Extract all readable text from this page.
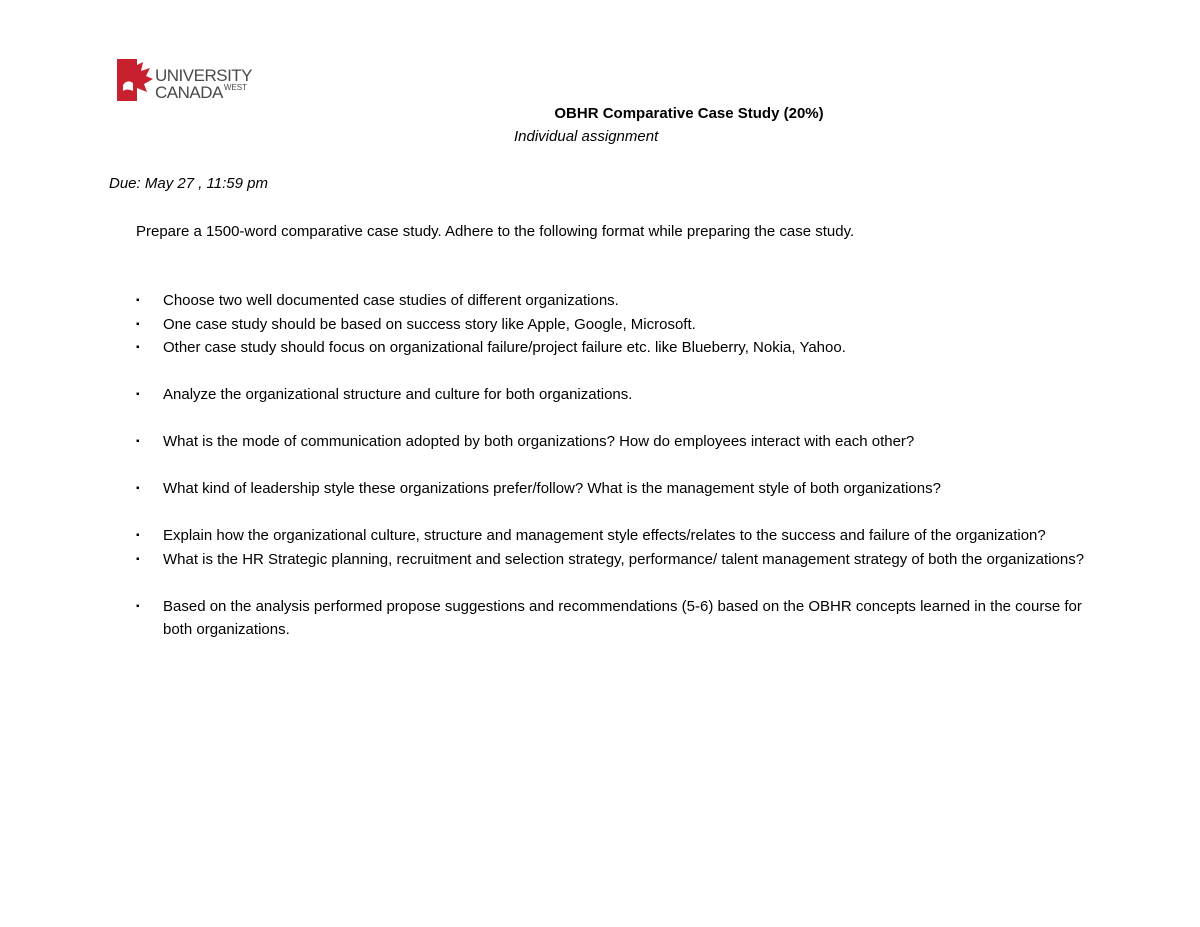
UNIVERSITY
$CANADA^{WEST}$
OBHR Comparative Case Study (20%)
Individual assignment
Due: May 27 , 11:59 pm
Prepare a 1500-word comparative case study. Adhere to the following format while preparing the case study.
▪ Choose two well documented case studies of different organizations.
▪ One case study should be based on success story like Apple, Google, Microsoft.
▪ Other case study should focus on organizational failure/project failure etc. like Blueberry, Nokia, Yahoo.
▪ Analyze the organizational structure and culture for both organizations.
▪ What is the mode of communication adopted by both organizations? How do employees interact with each other?
▪ What kind of leadership style these organizations prefer/follow? What is the management style of both organizations?
▪ Explain how the organizational culture, structure and management style effects/relates to the success and failure of the organization?
▪ What is the HR Strategic planning, recruitment and selection strategy, performance/ talent management strategy of both the organizations?
▪ Based on the analysis performed propose suggestions and recommendations (5-6) based on the OBHR concepts learned in the course for both organizations.
